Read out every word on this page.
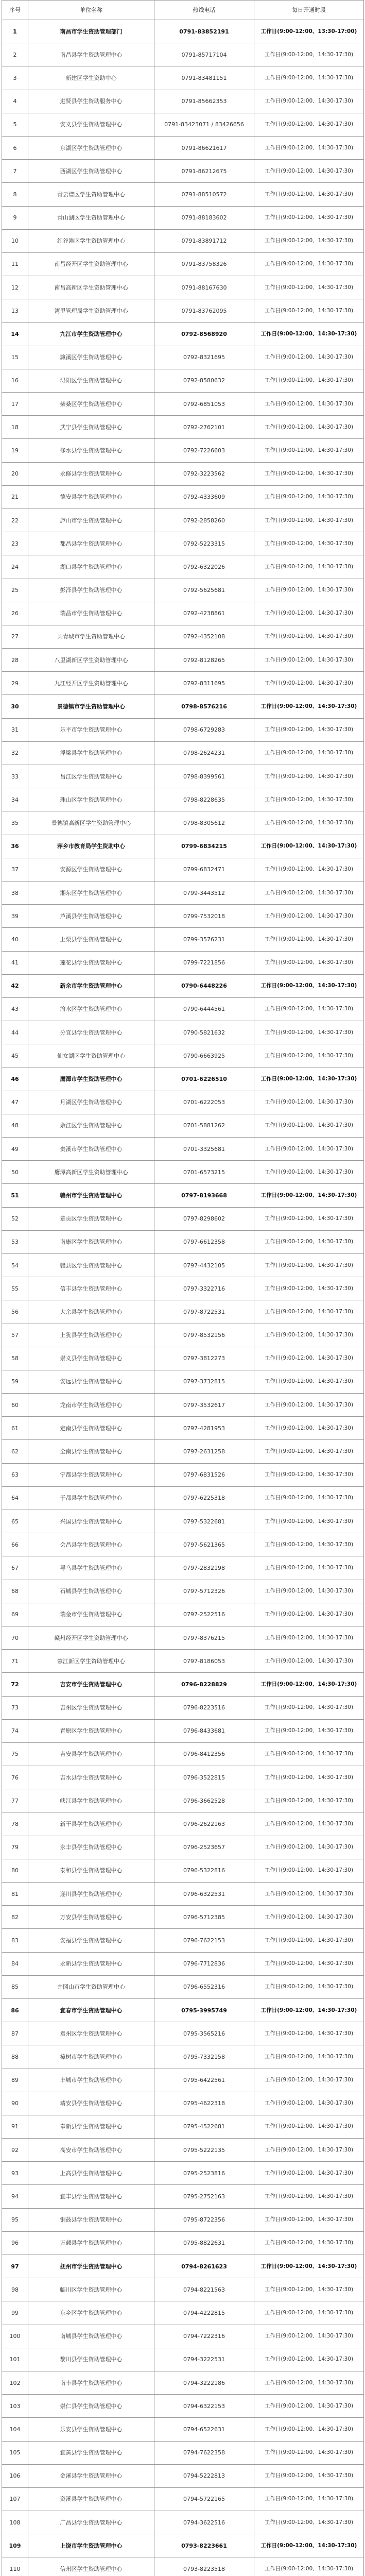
序号	单位名称	热线电话	每日开通时段
1	南昌市学生资助管理部门	0791-83852191	工作日(9:00-12:00、13:30-17:00)
2	南昌县学生资助管理中心	0791-85717104	工作日(9:00-12:00、14:30-17:30)
3	新建区学生资助中心	0791-83481151	工作日(9:00-12:00、14:30-17:30)
4	进贤县学生资助服务中心	0791-85662353	工作日(9:00-12:00、14:30-17:30)
5	安义县学生资助管理中心	0791-83423071 / 83426656	工作日(9:00-12:00、14:30-17:30)
6	东湖区学生资助管理中心	0791-86621617	工作日(9:00-12:00、14:30-17:30)
7	西湖区学生资助管理中心	0791-86212675	工作日(9:00-12:00、14:30-17:30)
8	青云谱区学生资助管理中心	0791-88510572	工作日(9:00-12:00、14:30-17:30)
9	青山湖区学生资助管理中心	0791-88183602	工作日(9:00-12:00、14:30-17:30)
10	红谷滩区学生资助管理中心	0791-83891712	工作日(9:00-12:00、14:30-17:30)
11	南昌经开区学生资助管理中心	0791-83758326	工作日(9:00-12:00、14:30-17:30)
12	南昌高新区学生资助管理中心	0791-88167630	工作日(9:00-12:00、14:30-17:30)
13	湾里管理局学生资助管理中心	0791-83762095	工作日(9:00-12:00、14:30-17:30)
14	九江市学生资助管理中心	0792-8568920	工作日(9:00-12:00、14:30-17:30)
15	濂溪区学生资助管理中心	0792-8321695	工作日(9:00-12:00、14:30-17:30)
16	浔阳区学生资助管理中心	0792-8580632	工作日(9:00-12:00、14:30-17:30)
17	柴桑区学生资助管理中心	0792-6851053	工作日(9:00-12:00、14:30-17:30)
18	武宁县学生资助管理中心	0792-2762101	工作日(9:00-12:00、14:30-17:30)
19	修水县学生资助管理中心	0792-7226603	工作日(9:00-12:00、14:30-17:30)
20	永修县学生资助管理中心	0792-3223562	工作日(9:00-12:00、14:30-17:30)
21	德安县学生资助管理中心	0792-4333609	工作日(9:00-12:00、14:30-17:30)
22	庐山市学生资助管理中心	0792-2858260	工作日(9:00-12:00、14:30-17:30)
23	都昌县学生资助管理中心	0792-5223315	工作日(9:00-12:00、14:30-17:30)
24	湖口县学生资助管理中心	0792-6322026	工作日(9:00-12:00、14:30-17:30)
25	彭泽县学生资助管理中心	0792-5625681	工作日(9:00-12:00、14:30-17:30)
26	瑞昌市学生资助管理中心	0792-4238861	工作日(9:00-12:00、14:30-17:30)
27	共青城市学生资助管理中心	0792-4352108	工作日(9:00-12:00、14:30-17:30)
28	八里湖新区学生资助管理中心	0792-8128265	工作日(9:00-12:00、14:30-17:30)
29	九江经开区学生资助管理中心	0792-8311695	工作日(9:00-12:00、14:30-17:30)
30	景德镇市学生资助管理中心	0798-8576216	工作日(9:00-12:00、14:30-17:30)
31	乐平市学生资助管理中心	0798-6729283	工作日(9:00-12:00、14:30-17:30)
32	浮梁县学生资助管理中心	0798-2624231	工作日(9:00-12:00、14:30-17:30)
33	昌江区学生资助管理中心	0798-8399561	工作日(9:00-12:00、14:30-17:30)
34	珠山区学生资助管理中心	0798-8228635	工作日(9:00-12:00、14:30-17:30)
35	景德镇高新区学生资助管理中心	0798-8305612	工作日(9:00-12:00、14:30-17:30)
36	萍乡市教育局学生资助中心	0799-6834215	工作日(9:00-12:00、14:30-17:30)
37	安源区学生资助管理中心	0799-6832471	工作日(9:00-12:00、14:30-17:30)
38	湘东区学生资助管理中心	0799-3443512	工作日(9:00-12:00、14:30-17:30)
39	芦溪县学生资助管理中心	0799-7532018	工作日(9:00-12:00、14:30-17:30)
40	上栗县学生资助管理中心	0799-3576231	工作日(9:00-12:00、14:30-17:30)
41	莲花县学生资助管理中心	0799-7221856	工作日(9:00-12:00、14:30-17:30)
42	新余市学生资助管理中心	0790-6448226	工作日(9:00-12:00、14:30-17:30)
43	渝水区学生资助管理中心	0790-6444561	工作日(9:00-12:00、14:30-17:30)
44	分宜县学生资助管理中心	0790-5821632	工作日(9:00-12:00、14:30-17:30)
45	仙女湖区学生资助管理中心	0790-6663925	工作日(9:00-12:00、14:30-17:30)
46	鹰潭市学生资助管理中心	0701-6226510	工作日(9:00-12:00、14:30-17:30)
47	月湖区学生资助管理中心	0701-6222053	工作日(9:00-12:00、14:30-17:30)
48	余江区学生资助管理中心	0701-5881262	工作日(9:00-12:00、14:30-17:30)
49	贵溪市学生资助管理中心	0701-3325681	工作日(9:00-12:00、14:30-17:30)
50	鹰潭高新区学生资助管理中心	0701-6573215	工作日(9:00-12:00、14:30-17:30)
51	赣州市学生资助管理中心	0797-8193668	工作日(9:00-12:00、14:30-17:30)
52	章贡区学生资助管理中心	0797-8298602	工作日(9:00-12:00、14:30-17:30)
53	南康区学生资助管理中心	0797-6612358	工作日(9:00-12:00、14:30-17:30)
54	赣县区学生资助管理中心	0797-4432105	工作日(9:00-12:00、14:30-17:30)
55	信丰县学生资助管理中心	0797-3322716	工作日(9:00-12:00、14:30-17:30)
56	大余县学生资助管理中心	0797-8722531	工作日(9:00-12:00、14:30-17:30)
57	上犹县学生资助管理中心	0797-8532156	工作日(9:00-12:00、14:30-17:30)
58	崇义县学生资助管理中心	0797-3812273	工作日(9:00-12:00、14:30-17:30)
59	安远县学生资助管理中心	0797-3732815	工作日(9:00-12:00、14:30-17:30)
60	龙南市学生资助管理中心	0797-3532617	工作日(9:00-12:00、14:30-17:30)
61	定南县学生资助管理中心	0797-4281953	工作日(9:00-12:00、14:30-17:30)
62	全南县学生资助管理中心	0797-2631258	工作日(9:00-12:00、14:30-17:30)
63	宁都县学生资助管理中心	0797-6831526	工作日(9:00-12:00、14:30-17:30)
64	于都县学生资助管理中心	0797-6225318	工作日(9:00-12:00、14:30-17:30)
65	兴国县学生资助管理中心	0797-5322681	工作日(9:00-12:00、14:30-17:30)
66	会昌县学生资助管理中心	0797-5621365	工作日(9:00-12:00、14:30-17:30)
67	寻乌县学生资助管理中心	0797-2832198	工作日(9:00-12:00、14:30-17:30)
68	石城县学生资助管理中心	0797-5712326	工作日(9:00-12:00、14:30-17:30)
69	瑞金市学生资助管理中心	0797-2522516	工作日(9:00-12:00、14:30-17:30)
70	赣州经开区学生资助管理中心	0797-8376215	工作日(9:00-12:00、14:30-17:30)
71	蓉江新区学生资助管理中心	0797-8186053	工作日(9:00-12:00、14:30-17:30)
72	吉安市学生资助管理中心	0796-8228829	工作日(9:00-12:00、14:30-17:30)
73	吉州区学生资助管理中心	0796-8223516	工作日(9:00-12:00、14:30-17:30)
74	青原区学生资助管理中心	0796-8433681	工作日(9:00-12:00、14:30-17:30)
75	吉安县学生资助管理中心	0796-8412356	工作日(9:00-12:00、14:30-17:30)
76	吉水县学生资助管理中心	0796-3522815	工作日(9:00-12:00、14:30-17:30)
77	峡江县学生资助管理中心	0796-3662528	工作日(9:00-12:00、14:30-17:30)
78	新干县学生资助管理中心	0796-2622163	工作日(9:00-12:00、14:30-17:30)
79	永丰县学生资助管理中心	0796-2523657	工作日(9:00-12:00、14:30-17:30)
80	泰和县学生资助管理中心	0796-5322816	工作日(9:00-12:00、14:30-17:30)
81	遂川县学生资助管理中心	0796-6322531	工作日(9:00-12:00、14:30-17:30)
82	万安县学生资助管理中心	0796-5712385	工作日(9:00-12:00、14:30-17:30)
83	安福县学生资助管理中心	0796-7622153	工作日(9:00-12:00、14:30-17:30)
84	永新县学生资助管理中心	0796-7712836	工作日(9:00-12:00、14:30-17:30)
85	井冈山市学生资助管理中心	0796-6552316	工作日(9:00-12:00、14:30-17:30)
86	宜春市学生资助管理中心	0795-3995749	工作日(9:00-12:00、14:30-17:30)
87	袁州区学生资助管理中心	0795-3565216	工作日(9:00-12:00、14:30-17:30)
88	樟树市学生资助管理中心	0795-7332158	工作日(9:00-12:00、14:30-17:30)
89	丰城市学生资助管理中心	0795-6422561	工作日(9:00-12:00、14:30-17:30)
90	靖安县学生资助管理中心	0795-4622318	工作日(9:00-12:00、14:30-17:30)
91	奉新县学生资助管理中心	0795-4522681	工作日(9:00-12:00、14:30-17:30)
92	高安市学生资助管理中心	0795-5222135	工作日(9:00-12:00、14:30-17:30)
93	上高县学生资助管理中心	0795-2523816	工作日(9:00-12:00、14:30-17:30)
94	宜丰县学生资助管理中心	0795-2752163	工作日(9:00-12:00、14:30-17:30)
95	铜鼓县学生资助管理中心	0795-8722356	工作日(9:00-12:00、14:30-17:30)
96	万载县学生资助管理中心	0795-8822631	工作日(9:00-12:00、14:30-17:30)
97	抚州市学生资助管理中心	0794-8261623	工作日(9:00-12:00、14:30-17:30)
98	临川区学生资助管理中心	0794-8221563	工作日(9:00-12:00、14:30-17:30)
99	东乡区学生资助管理中心	0794-4222815	工作日(9:00-12:00、14:30-17:30)
100	南城县学生资助管理中心	0794-7222316	工作日(9:00-12:00、14:30-17:30)
101	黎川县学生资助管理中心	0794-3222531	工作日(9:00-12:00、14:30-17:30)
102	南丰县学生资助管理中心	0794-3222186	工作日(9:00-12:00、14:30-17:30)
103	崇仁县学生资助管理中心	0794-6322153	工作日(9:00-12:00、14:30-17:30)
104	乐安县学生资助管理中心	0794-6522631	工作日(9:00-12:00、14:30-17:30)
105	宜黄县学生资助管理中心	0794-7622358	工作日(9:00-12:00、14:30-17:30)
106	金溪县学生资助管理中心	0794-5222813	工作日(9:00-12:00、14:30-17:30)
107	资溪县学生资助管理中心	0794-5722165	工作日(9:00-12:00、14:30-17:30)
108	广昌县学生资助管理中心	0794-3622516	工作日(9:00-12:00、14:30-17:30)
109	上饶市学生资助管理中心	0793-8223661	工作日(9:00-12:00、14:30-17:30)
110	信州区学生资助管理中心	0793-8223518	工作日(9:00-12:00、14:30-17:30)
